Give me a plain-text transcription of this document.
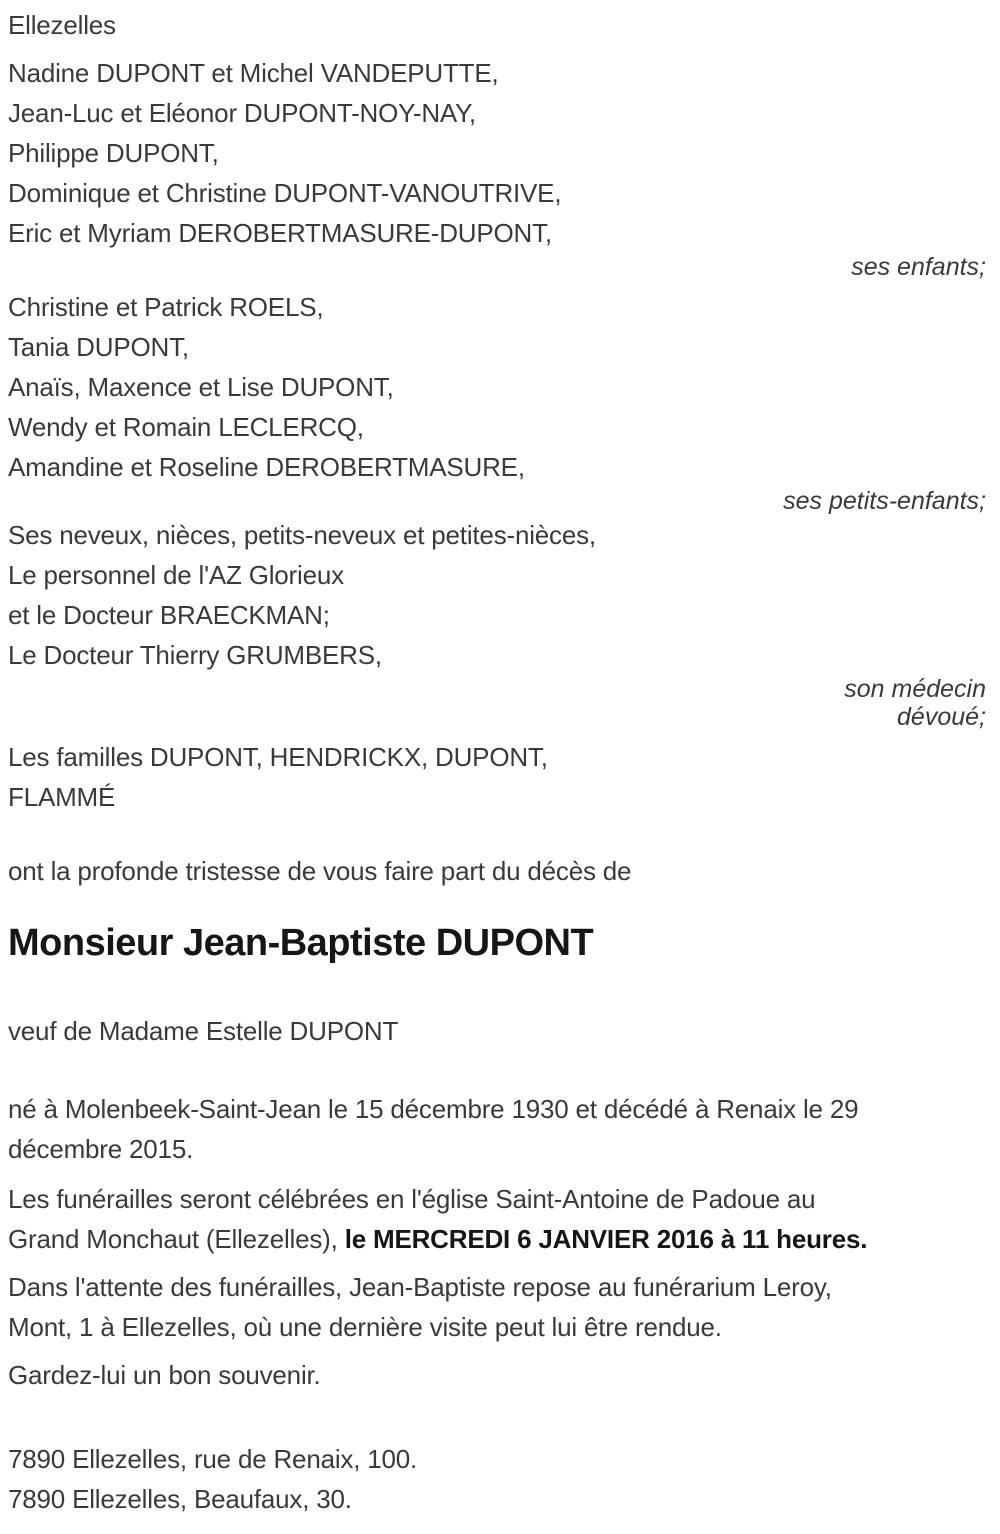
Ellezelles
Nadine DUPONT et Michel VANDEPUTTE,
Jean-Luc et Eléonor DUPONT-NOY-NAY,
Philippe DUPONT,
Dominique et Christine DUPONT-VANOUTRIVE,
Eric et Myriam DEROBERTMASURE-DUPONT,
ses enfants;
Christine et Patrick ROELS,
Tania DUPONT,
Anaïs, Maxence et Lise DUPONT,
Wendy et Romain LECLERCQ,
Amandine et Roseline DEROBERTMASURE,
ses petits-enfants;
Ses neveux, nièces, petits-neveux et petites-nièces,
Le personnel de l'AZ Glorieux
et le Docteur BRAECKMAN;
Le Docteur Thierry GRUMBERS,
son médecin
dévoué;
Les familles DUPONT, HENDRICKX, DUPONT,
FLAMMÉ
ont la profonde tristesse de vous faire part du décès de
Monsieur Jean-Baptiste DUPONT
veuf de Madame Estelle DUPONT
né à Molenbeek-Saint-Jean le 15 décembre 1930 et décédé à Renaix le 29
décembre 2015.
Les funérailles seront célébrées en l'église Saint-Antoine de Padoue au
Grand Monchaut (Ellezelles), le MERCREDI 6 JANVIER 2016 à 11 heures.
Dans l'attente des funérailles, Jean-Baptiste repose au funérarium Leroy,
Mont, 1 à Ellezelles, où une dernière visite peut lui être rendue.
Gardez-lui un bon souvenir.
7890 Ellezelles, rue de Renaix, 100.
7890 Ellezelles, Beaufaux, 30.
